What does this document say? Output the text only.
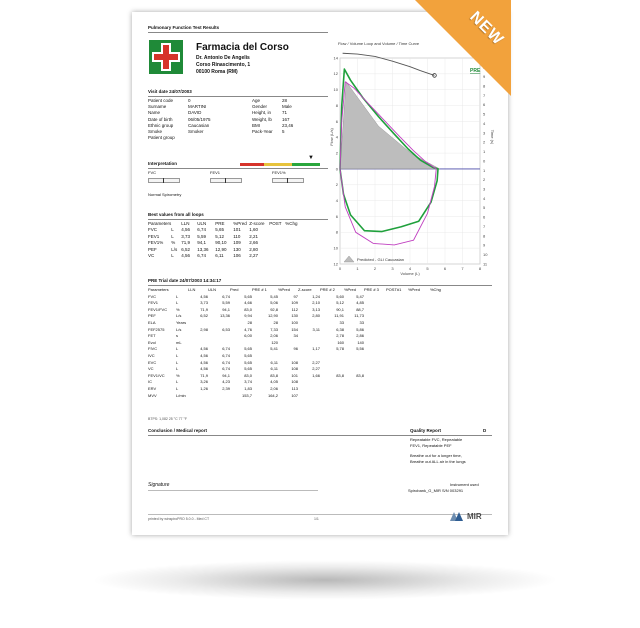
Pulmonary Function Test Results
Farmacia del Corso
Dr. Antonio De Angelis
Corso Rinascimento, 1
00100 Roma (RM)
Visit date 24/07/2003
Patient code	0
Surname	MARTINI
Name	DAVID
Date of birth	06/05/1975
Ethnic group	Caucasian
Smoke	Smoker
Patient group	
Age	28
Gender	Male
Height, in	71
Weight, lb	167
BMI	23,46
Pack-Year	5
Interpretation
▼
FVC	FEV1	FEV1%
Normal Spirometry
Best values from all loops
Parameters		LLN	ULN	PRE	%Pred	Z-score	POST	%Chg
FVC	L	4,56	6,74	5,65	101	1,60		
FEV1	L	3,73	5,59	5,12	110	2,21		
FEV1%	%	71,9	94,1	90,10	109	2,66		
PEF	L/s	6,52	13,36	12,90	130	2,80		
VC	L	4,56	6,74	6,11	106	2,27		
Flow / Volume Loop and Volume / Time Curve
0	1	2	3	4	5	6	7	8
14
12
10
8
6
4
2
0
2
4
6
8
10
12
11
10
9
8
7
6
5
4
3
2
1
0
1
2
3
4
5
6
7
8
9
10
11
Volume (L)
Flow (L/s)	Time (s)
PRE
Predicted - GLI Caucasian
PRE Trial date 24/07/2003 14:34:17
Parameters		LLN	ULN	Pred	PRE # 1	%Pred	Z-score	PRE # 2	%Pred	PRE # 3	POST#1	%Pred	%Chg
FVC	L	4,56	6,74	5,65	5,45	97	1,24	5,60	5,47				
FEV1	L	3,73	5,59	4,66	5,06	109	2,10	5,12	4,85				
FEV1/FVC	%	71,9	94,1	83,0	92,8	112	3,13	90,1	88,7				
PEF	L/s	6,52	13,36	9,94	12,90	130	2,80	11,91	11,73				
ELA	Years			28	28	100		33	33				
FEF2575	L/s	2,98	6,53	4,76	7,33	154	3,11	6,38	5,86				
FET	s			6,00	2,06	34		2,78	2,86				
Evol	mL				120			160	140				
FIVC	L	4,56	6,74	5,65	5,41	96	1,17	5,78	5,56				
IVC	L	4,56	6,74	5,65									
EVC	L	4,56	6,74	5,65	6,11	108	2,27						
VC	L	4,56	6,74	5,65	6,11	108	2,27						
FEV1/VC	%	71,9	94,1	83,0	83,8	101	1,66	83,8	83,8				
IC	L	3,26	4,23	3,74	4,05	108							
ERV	L	1,26	2,39	1,83	2,06	113							
MVV	L/min			153,7	164,2	107							
BTPS: 1,082 25 °C 77 °F
Conclusion / Medical report	Quality Report	D
Repeatable FVC, Repeatable
FEV1, Repeatable PEF
Breathe out for a longer time,
Breathe out ALL air in the lungs
Signature	Instrument used
Spirobank_G_MIR S/N 003291
printed by winspiroPRO 5.0.0 - Med CT	1/1	MIR
NEW
